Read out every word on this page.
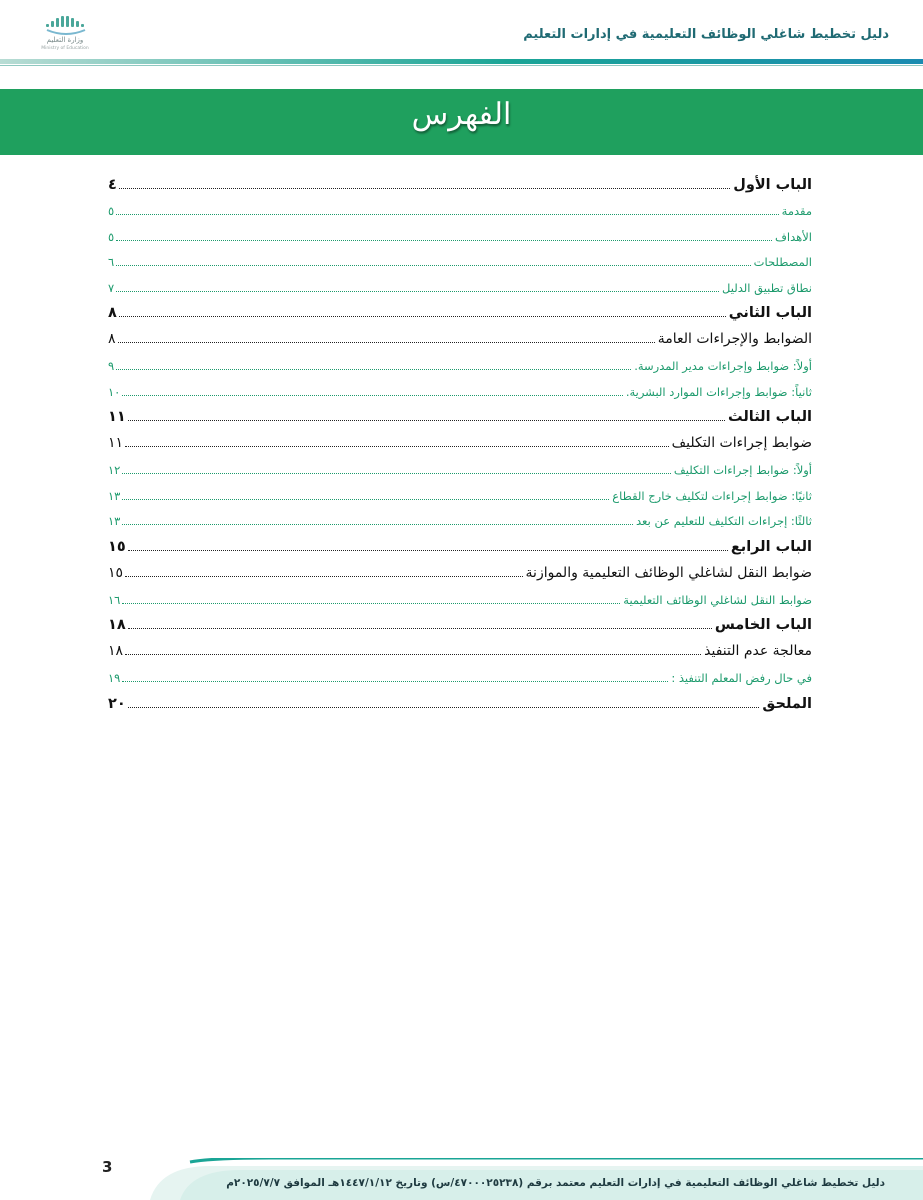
وزارة التعليم
Ministry of Education
دليل تخطيط شاغلي الوظائف التعليمية في إدارات التعليم
الفهرس
الباب الأول
٤
مقدمة
٥
الأهداف
٥
المصطلحات
٦
نطاق تطبيق الدليل
٧
الباب الثاني
٨
الضوابط والإجراءات العامة
٨
أولاً: ضوابط وإجراءات مدير المدرسة.
٩
ثانياً: ضوابط وإجراءات الموارد البشرية.
١٠
الباب الثالث
١١
ضوابط إجراءات التكليف
١١
أولاً: ضوابط إجراءات التكليف
١٢
ثانيًا: ضوابط إجراءات لتكليف خارج القطاع
١٣
ثالثًا: إجراءات التكليف للتعليم عن بعد
١٣
الباب الرابع
١٥
ضوابط النقل لشاغلي الوظائف التعليمية والموازنة
١٥
ضوابط النقل لشاغلي الوظائف التعليمية
١٦
الباب الخامس
١٨
معالجة عدم التنفيذ
١٨
في حال رفض المعلم التنفيذ :
١٩
الملحق
٢٠
3
دليل تخطيط شاغلي الوظائف التعليمية في إدارات التعليم معتمد برقم (٤٧٠٠٠٢٥٢٣٨/س) وتاريخ ١٤٤٧/١/١٢هـ الموافق ٢٠٢٥/٧/٧م
